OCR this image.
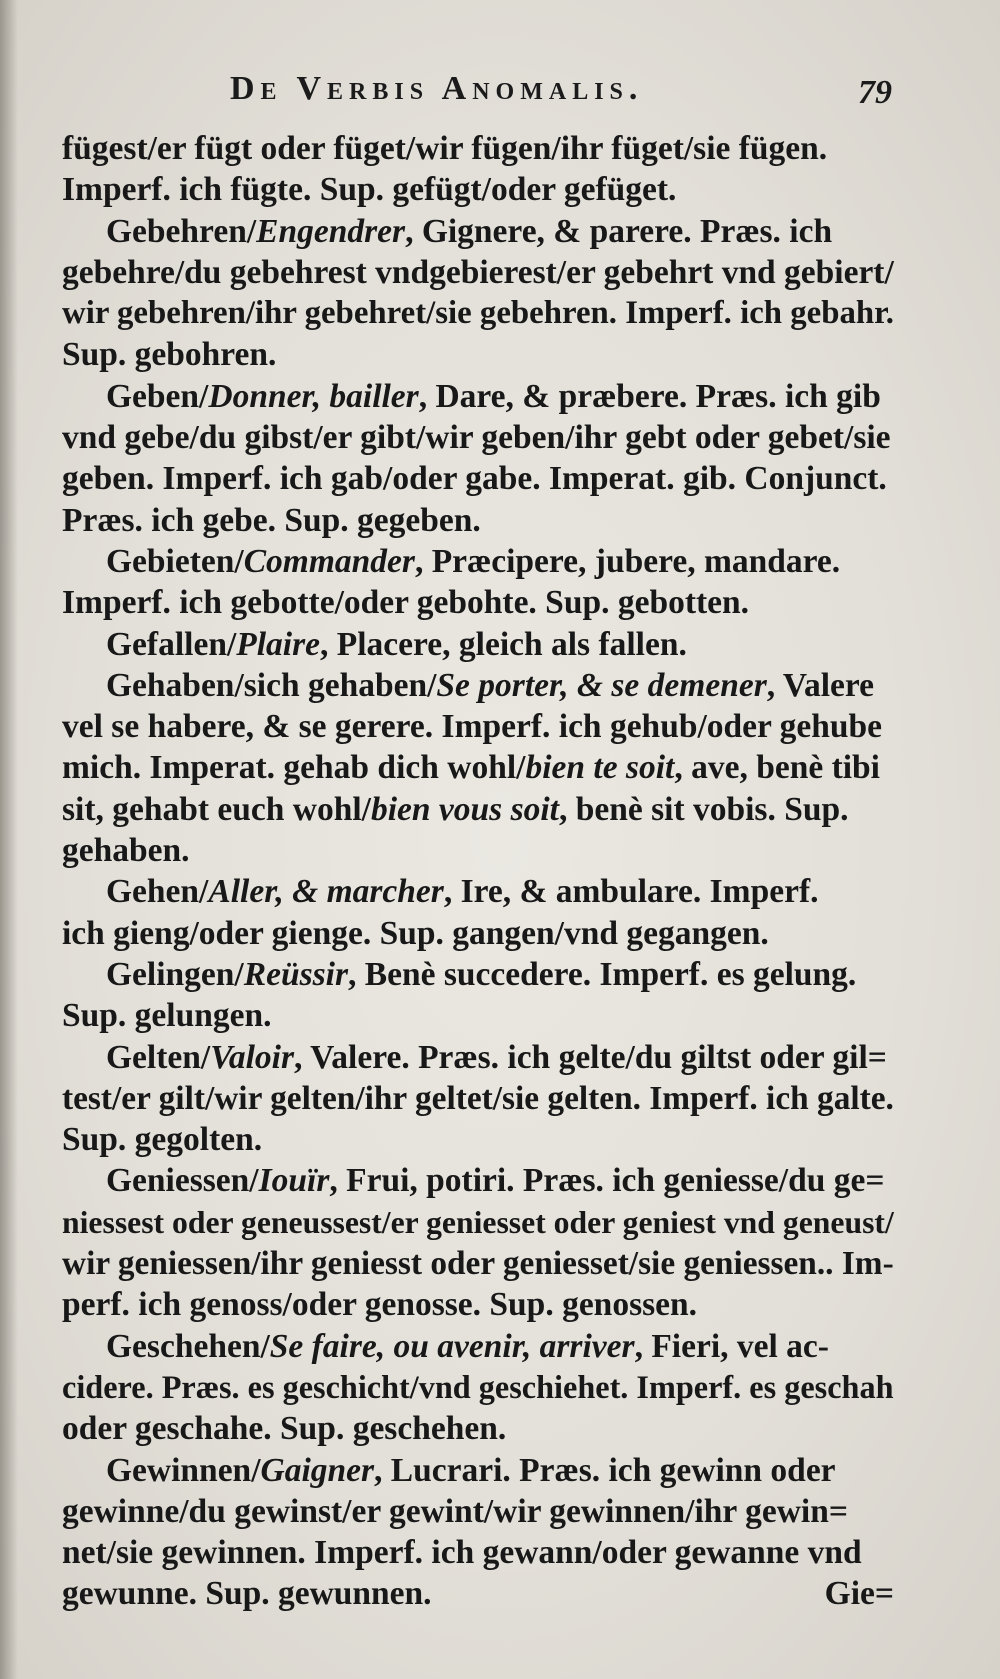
De Verbis Anomalis.	79
fügest/er fügt oder füget/wir fügen/ihr füget/sie fügen.
Imperf. ich fügte. Sup. gefügt/oder gefüget.
Gebehren/Engendrer, Gignere, & parere. Præs. ich
gebehre/du gebehrest vndgebierest/er gebehrt vnd gebiert/
wir gebehren/ihr gebehret/sie gebehren. Imperf. ich gebahr.
Sup. gebohren.
Geben/Donner, bailler, Dare, & præbere. Præs. ich gib
vnd gebe/du gibst/er gibt/wir geben/ihr gebt oder gebet/sie
geben. Imperf. ich gab/oder gabe. Imperat. gib. Conjunct.
Præs. ich gebe. Sup. gegeben.
Gebieten/Commander, Præcipere, jubere, mandare.
Imperf. ich gebotte/oder gebohte. Sup. gebotten.
Gefallen/Plaire, Placere, gleich als fallen.
Gehaben/sich gehaben/Se porter, & se demener, Valere
vel se habere, & se gerere. Imperf. ich gehub/oder gehube
mich. Imperat. gehab dich wohl/bien te soit, ave, benè tibi
sit, gehabt euch wohl/bien vous soit, benè sit vobis. Sup.
gehaben.
Gehen/Aller, & marcher, Ire, & ambulare. Imperf.
ich gieng/oder gienge. Sup. gangen/vnd gegangen.
Gelingen/Reüssir, Benè succedere. Imperf. es gelung.
Sup. gelungen.
Gelten/Valoir, Valere. Præs. ich gelte/du giltst oder gil=
test/er gilt/wir gelten/ihr geltet/sie gelten. Imperf. ich galte.
Sup. gegolten.
Geniessen/Iouïr, Frui, potiri. Præs. ich geniesse/du ge=
niessest oder geneussest/er geniesset oder geniest vnd geneust/
wir geniessen/ihr geniesst oder geniesset/sie geniessen.. Im-
perf. ich genoss/oder genosse. Sup. genossen.
Geschehen/Se faire, ou avenir, arriver, Fieri, vel ac-
cidere. Præs. es geschicht/vnd geschiehet. Imperf. es geschah
oder geschahe. Sup. geschehen.
Gewinnen/Gaigner, Lucrari. Præs. ich gewinn oder
gewinne/du gewinst/er gewint/wir gewinnen/ihr gewin=
net/sie gewinnen. Imperf. ich gewann/oder gewanne vnd
gewunne. Sup. gewunnen.	Gie=
